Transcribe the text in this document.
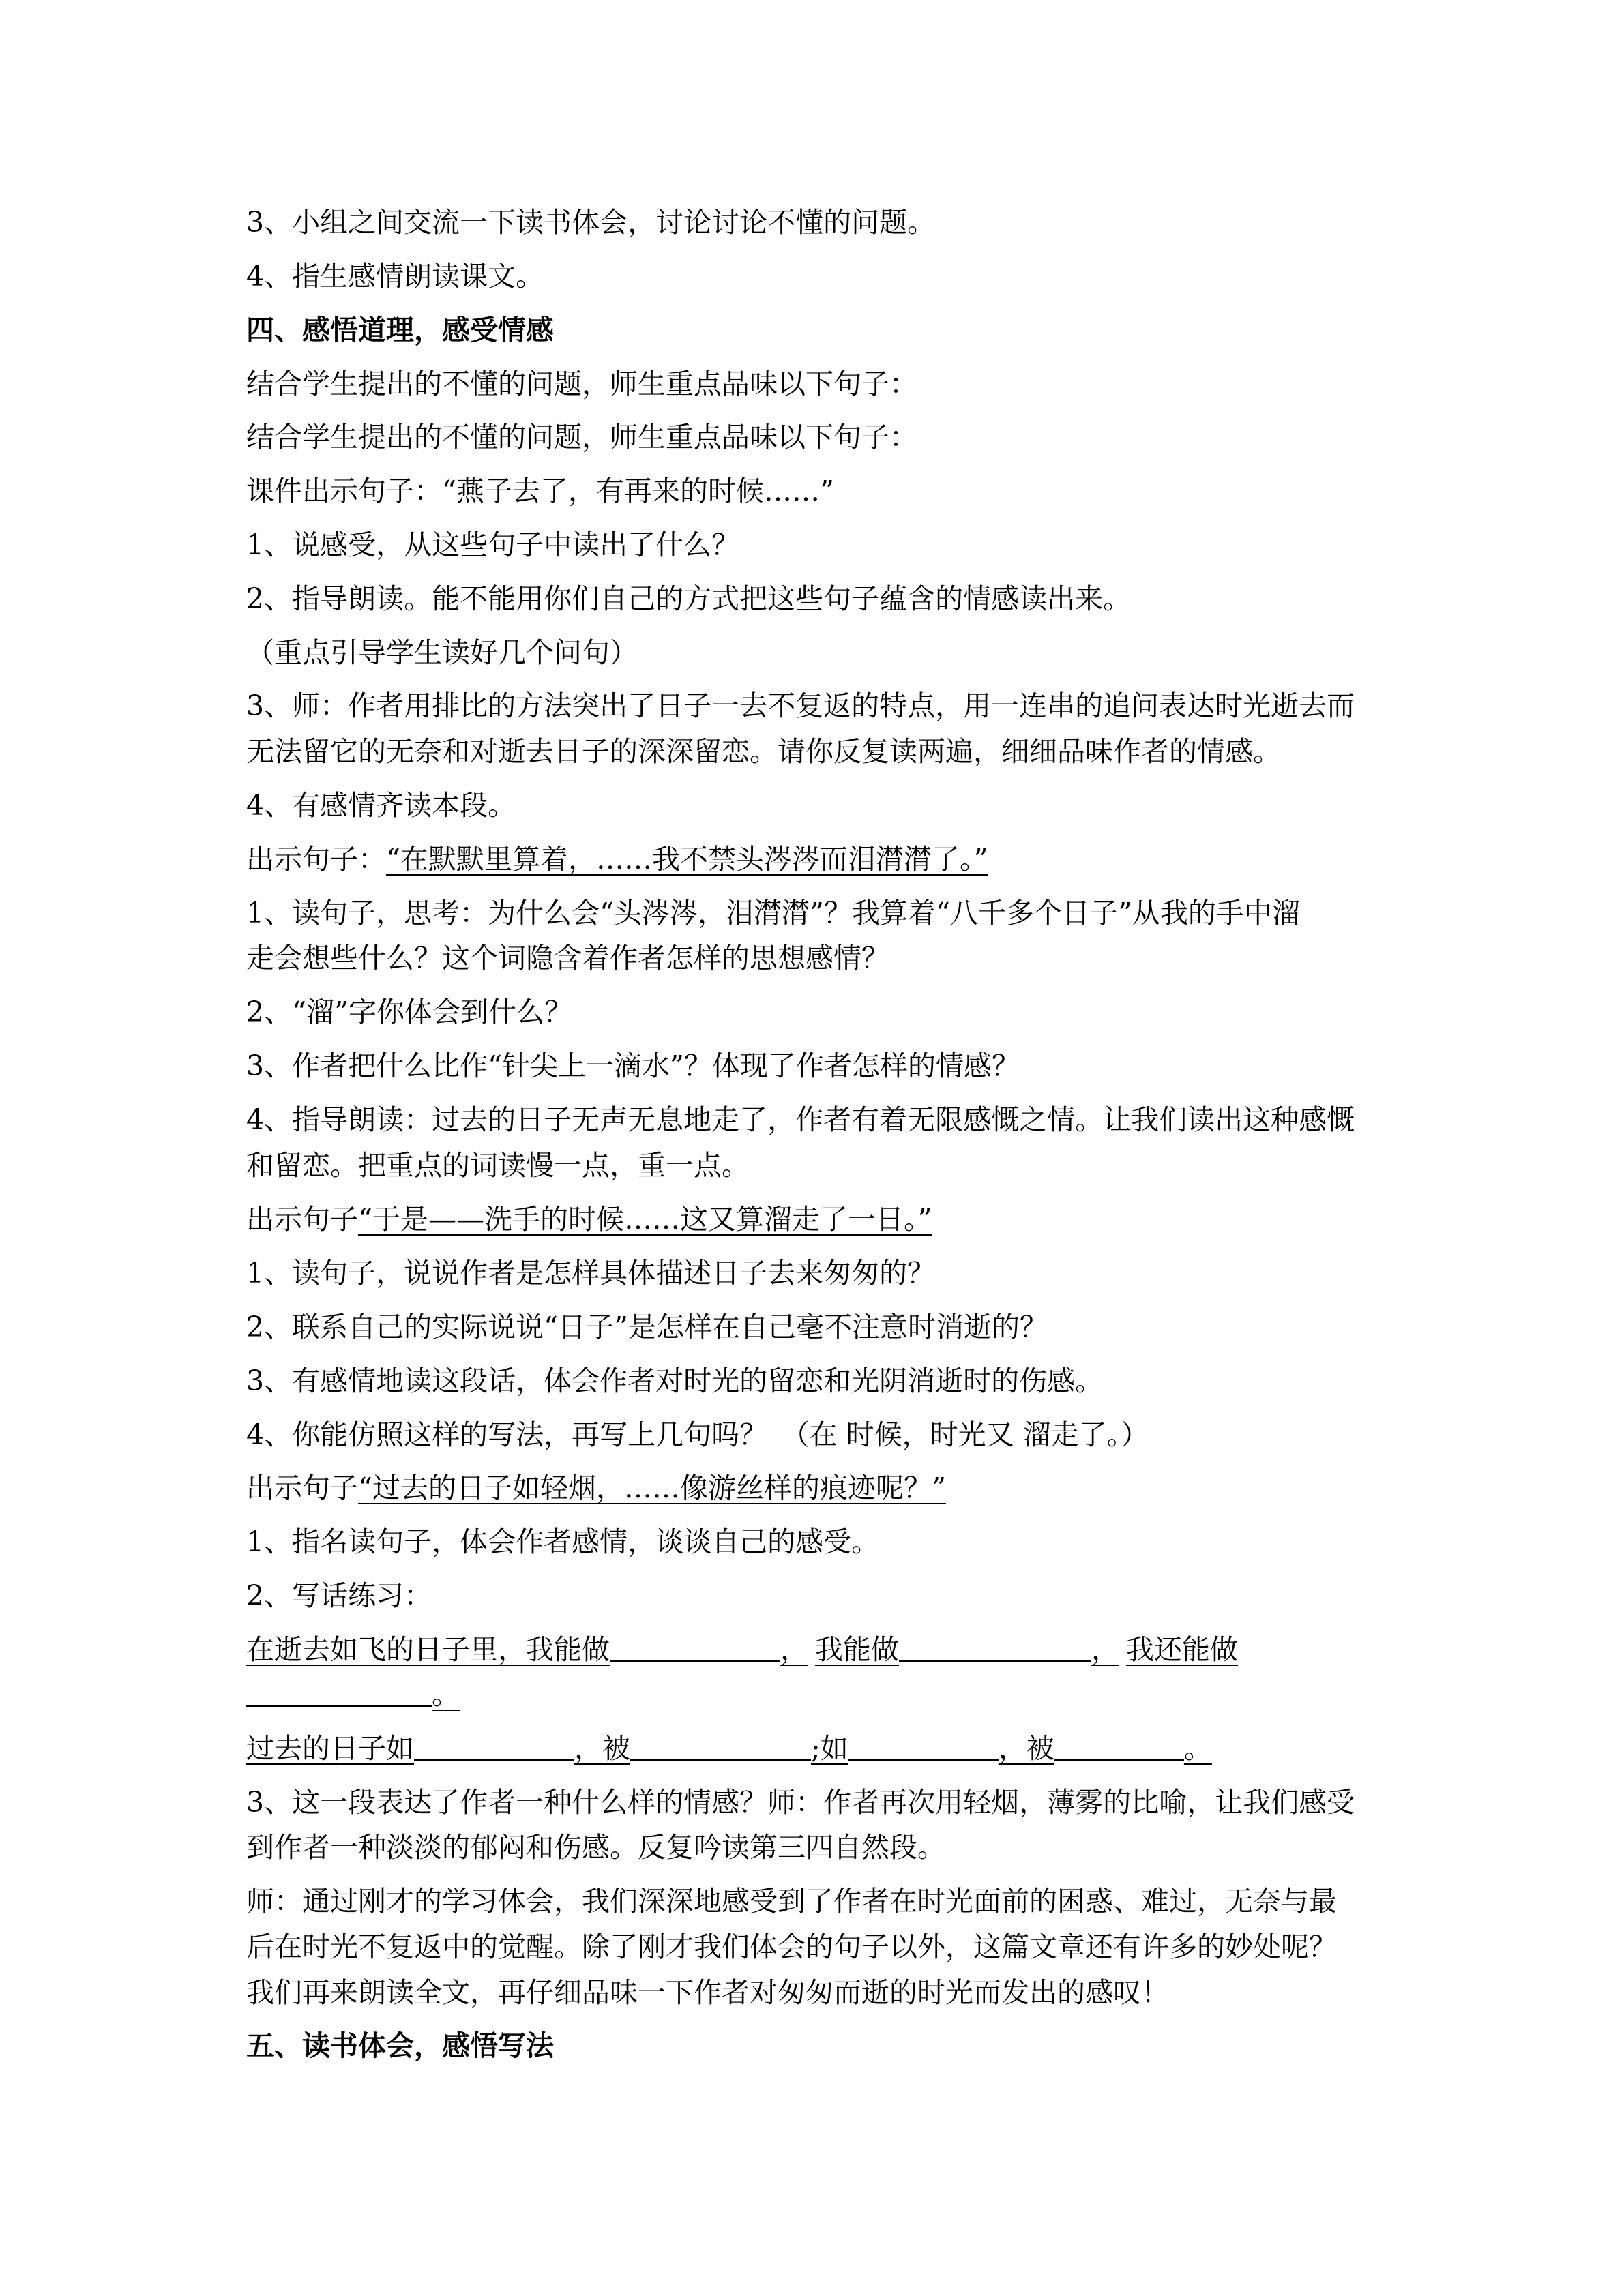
3、小组之间交流一下读书体会，讨论讨论不懂的问题。
4、指生感情朗读课文。
四、感悟道理，感受情感
结合学生提出的不懂的问题，师生重点品味以下句子：
结合学生提出的不懂的问题，师生重点品味以下句子：
课件出示句子：“燕子去了，有再来的时候……”
1、说感受，从这些句子中读出了什么？
2、指导朗读。能不能用你们自己的方式把这些句子蕴含的情感读出来。
（重点引导学生读好几个问句）
3、师：作者用排比的方法突出了日子一去不复返的特点，用一连串的追问表达时光逝去而
无法留它的无奈和对逝去日子的深深留恋。请你反复读两遍，细细品味作者的情感。
4、有感情齐读本段。
出示句子：“在默默里算着，……我不禁头涔涔而泪潸潸了。”
1、读句子，思考：为什么会“头涔涔，泪潸潸”？我算着“八千多个日子”从我的手中溜
走会想些什么？这个词隐含着作者怎样的思想感情？
2、“溜”字你体会到什么？
3、作者把什么比作“针尖上一滴水”？体现了作者怎样的情感？
4、指导朗读：过去的日子无声无息地走了，作者有着无限感慨之情。让我们读出这种感慨
和留恋。把重点的词读慢一点，重一点。
出示句子“于是——洗手的时候……这又算溜走了一日。”
1、读句子，说说作者是怎样具体描述日子去来匆匆的？
2、联系自己的实际说说“日子”是怎样在自己毫不注意时消逝的？
3、有感情地读这段话，体会作者对时光的留恋和光阴消逝时的伤感。
4、你能仿照这样的写法，再写上几句吗？　（在 时候，时光又 溜走了。）
出示句子“过去的日子如轻烟，……像游丝样的痕迹呢？”
1、指名读句子，体会作者感情，谈谈自己的感受。
2、写话练习：
在逝去如飞的日子里，我能做	， 我能做	， 我还能做
。
过去的日子如	，被	;如	，被	。
3、这一段表达了作者一种什么样的情感？师：作者再次用轻烟，薄雾的比喻，让我们感受
到作者一种淡淡的郁闷和伤感。反复吟读第三四自然段。
师：通过刚才的学习体会，我们深深地感受到了作者在时光面前的困惑、难过，无奈与最
后在时光不复返中的觉醒。除了刚才我们体会的句子以外，这篇文章还有许多的妙处呢？
我们再来朗读全文，再仔细品味一下作者对匆匆而逝的时光而发出的感叹！
五、读书体会，感悟写法
